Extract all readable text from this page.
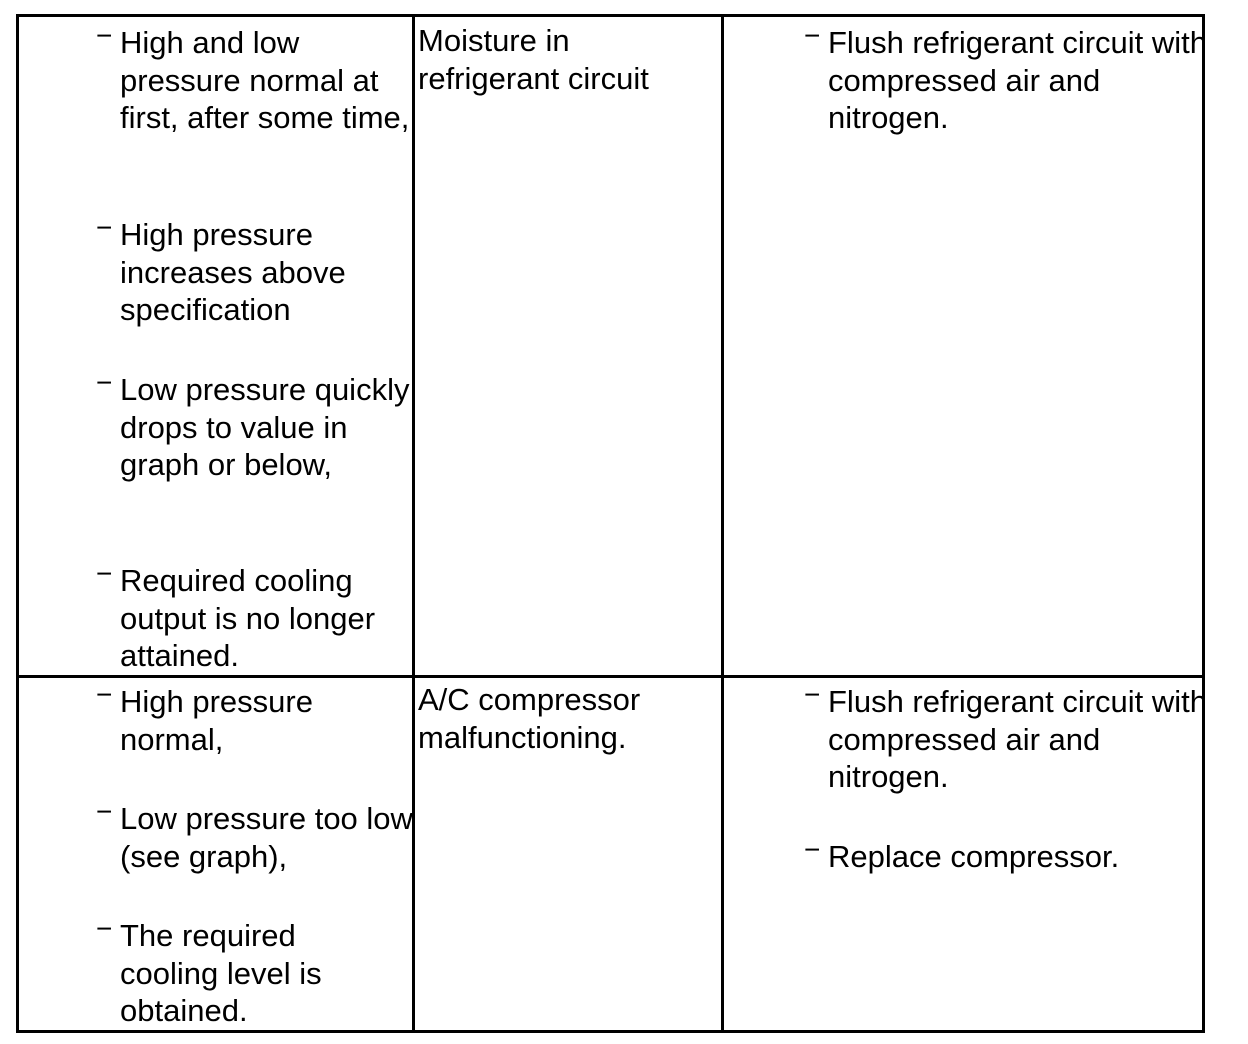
− High and low pressure normal at first, after some time,
− High pressure increases above specification
− Low pressure quickly drops to value in graph or below,
− Required cooling output is no longer attained.
Moisture in refrigerant circuit
− Flush refrigerant circuit with compressed air and nitrogen.
− High pressure normal,
− Low pressure too low (see graph),
− The required cooling level is obtained.
A/C compressor malfunctioning.
− Flush refrigerant circuit with compressed air and nitrogen.
− Replace compressor.
